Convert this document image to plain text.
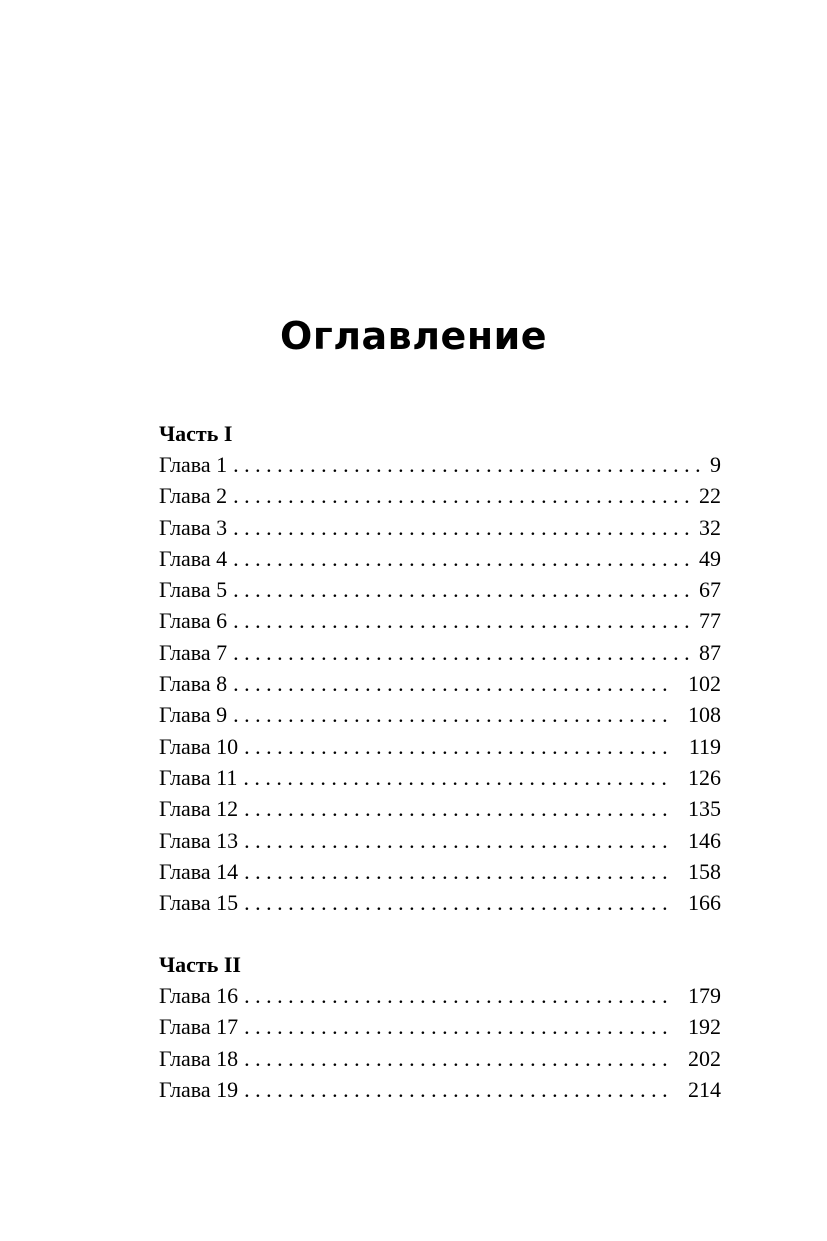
Оглавление
Часть I
Глава 1 . . .	9
Глава 2 . . .	22
Глава 3 . . .	32
Глава 4 . . .	49
Глава 5 . . .	67
Глава 6 . . .	77
Глава 7 . . .	87
Глава 8 . . .	102
Глава 9 . . .	108
Глава 10 . . .	119
Глава 11 . . .	126
Глава 12 . . .	135
Глава 13 . . .	146
Глава 14 . . .	158
Глава 15 . . .	166
Часть II
Глава 16 . . .	179
Глава 17 . . .	192
Глава 18 . . .	202
Глава 19 . . .	214
